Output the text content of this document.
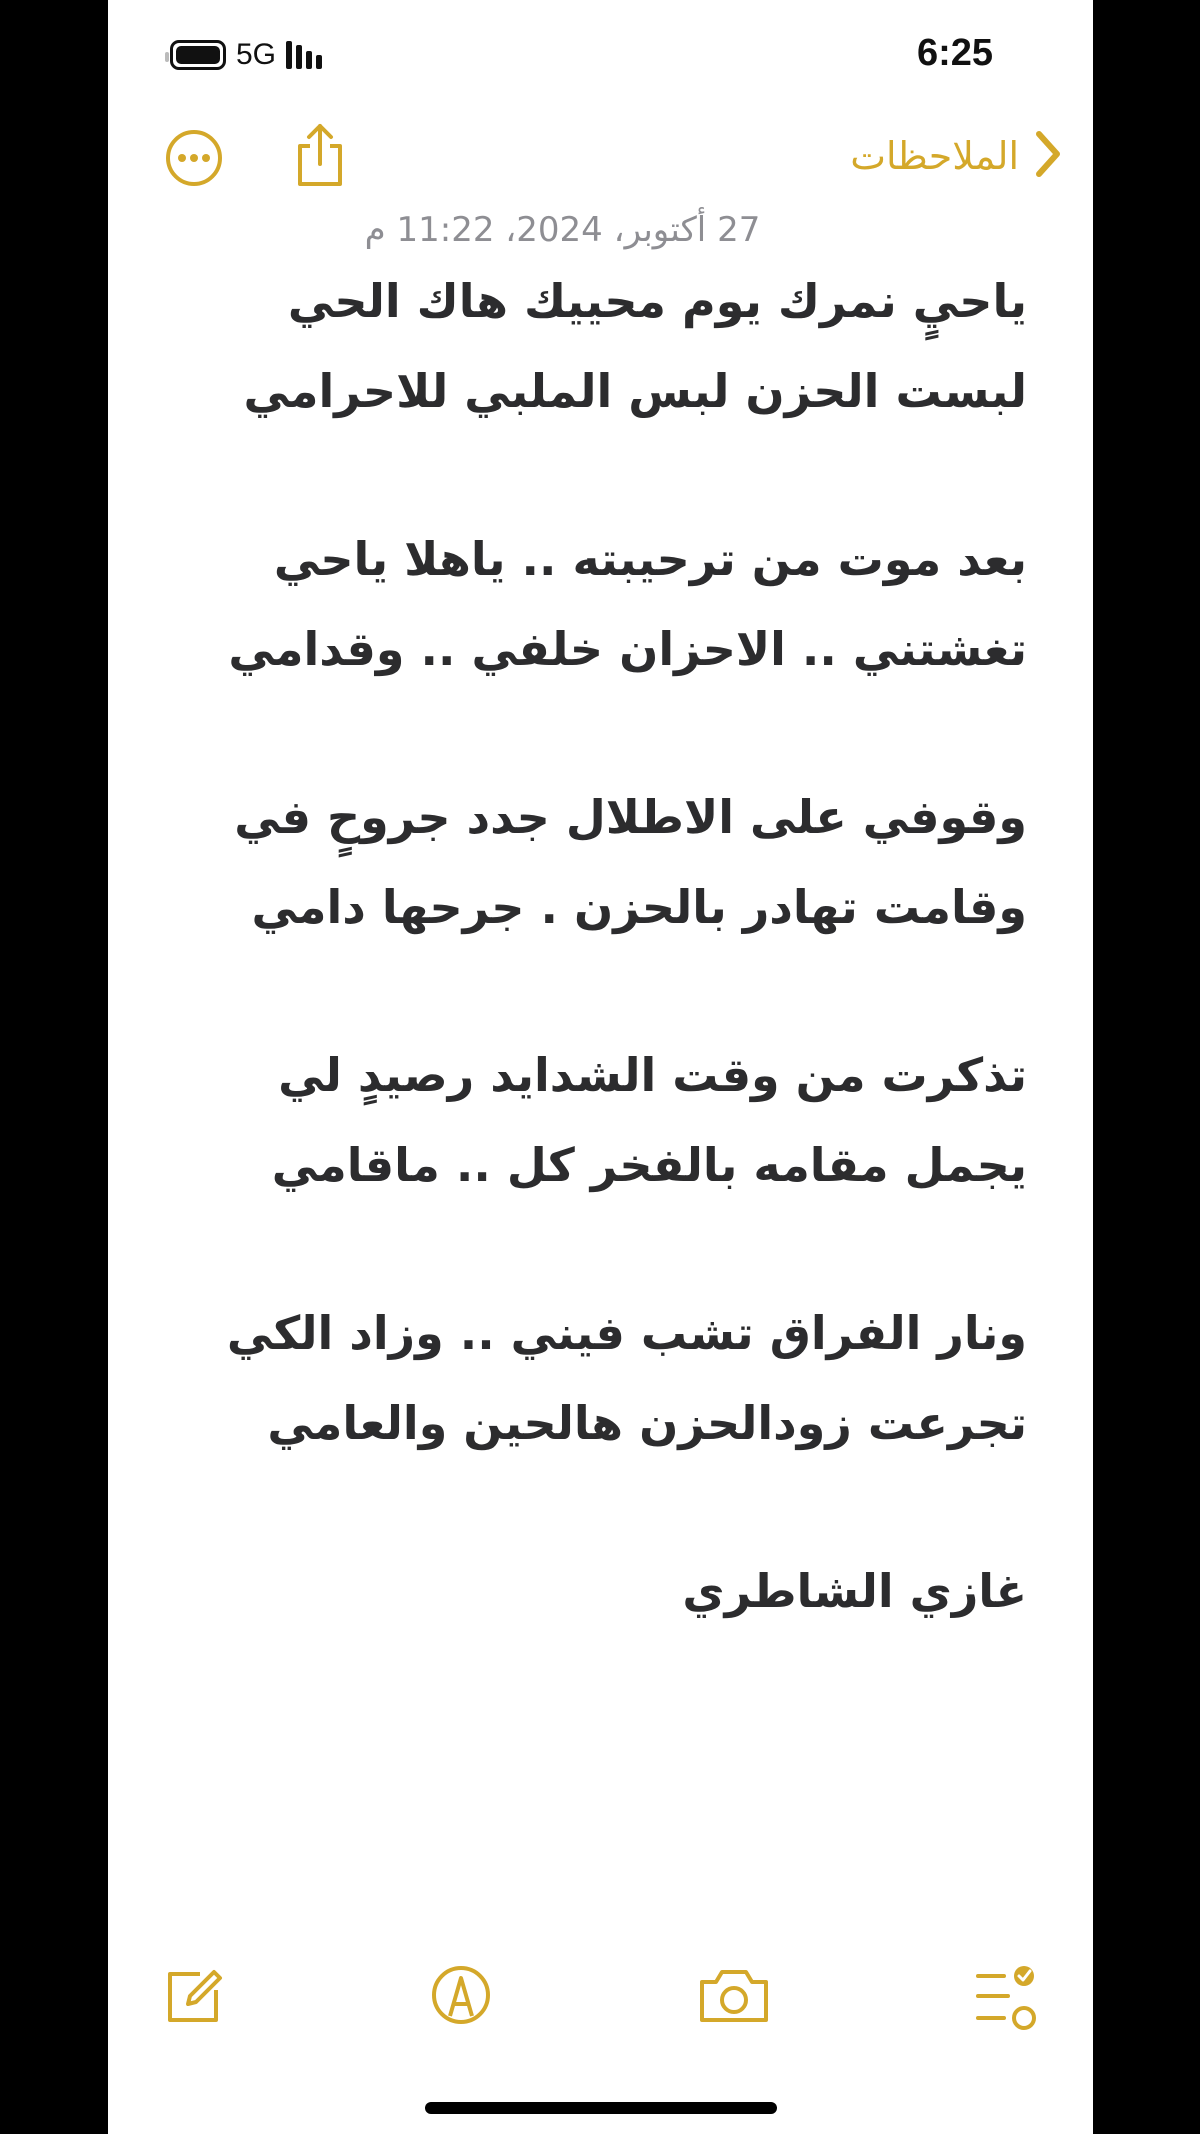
5G	6:25
الملاحظات
27 أكتوبر، 2024، 11:22 م
ياحيٍ نمرك يوم محييك هاك الحي
لبست الحزن لبس الملبي للاحرامي
بعد موت من ترحيبته .. ياهلا ياحي
تغشتني .. الاحزان خلفي .. وقدامي
وقوفي على الاطلال جدد جروحٍ في
وقامت تهادر بالحزن . جرحها دامي
تذكرت من وقت الشدايد رصيدٍ لي
يجمل مقامه بالفخر كل .. ماقامي
ونار الفراق تشب فيني .. وزاد الكي
تجرعت زودالحزن هالحين والعامي
غازي الشاطري
